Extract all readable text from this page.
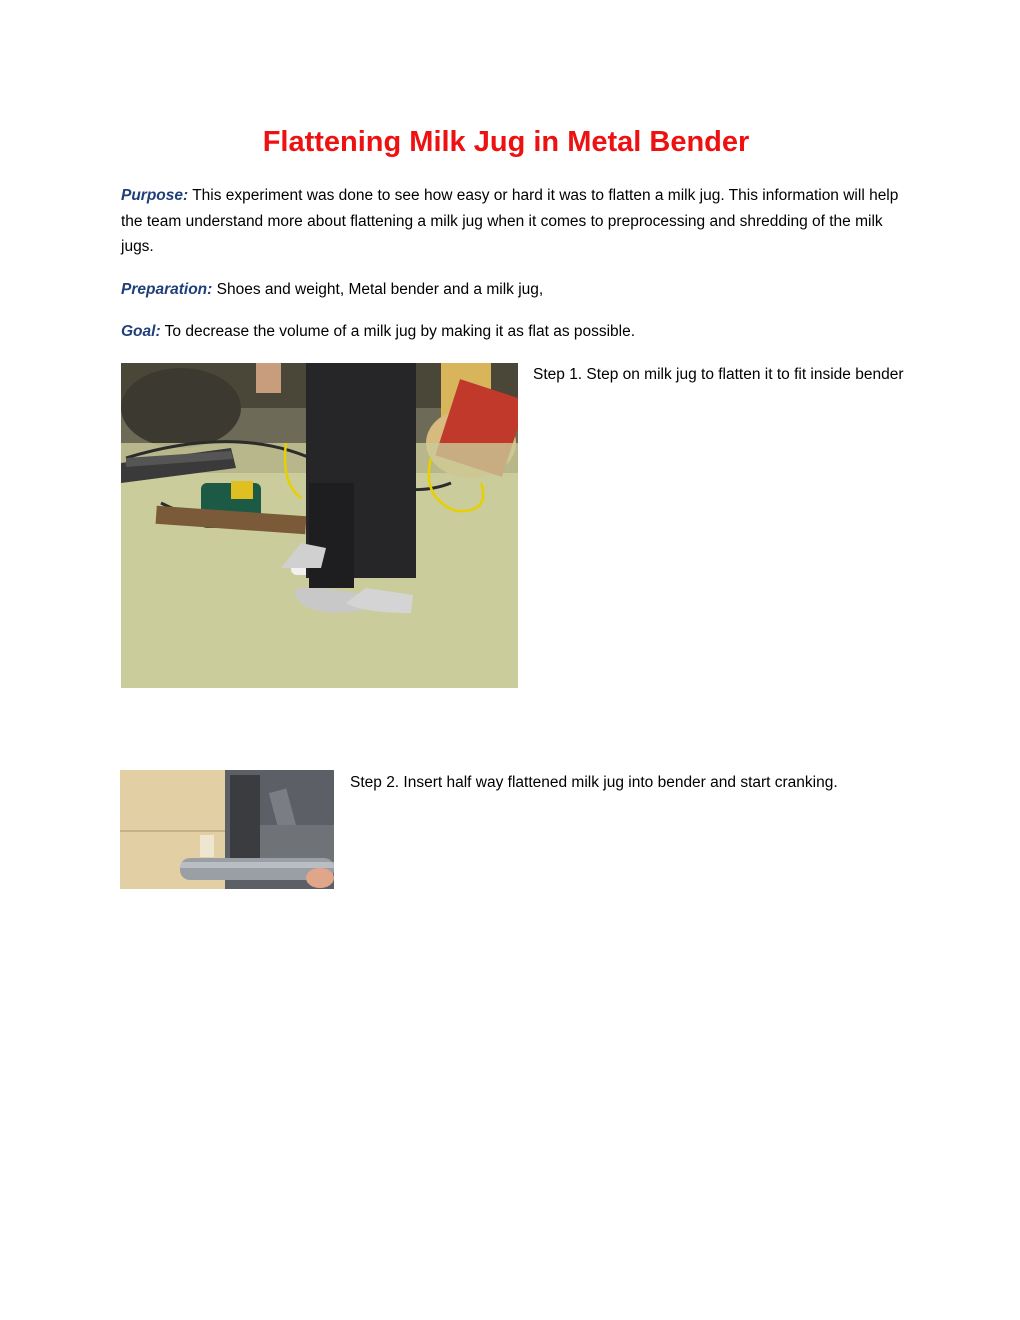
Flattening Milk Jug in Metal Bender

Purpose: This experiment was done to see how easy or hard it was to flatten a milk jug. This information will help the team understand more about flattening a milk jug when it comes to preprocessing and shredding of the milk jugs.

Preparation: Shoes and weight, Metal bender and a milk jug,

Goal: To decrease the volume of a milk jug by making it as flat as possible.

Step 1. Step on milk jug to flatten it to fit inside bender

Step 2. Insert half way flattened milk jug into bender and start cranking.
